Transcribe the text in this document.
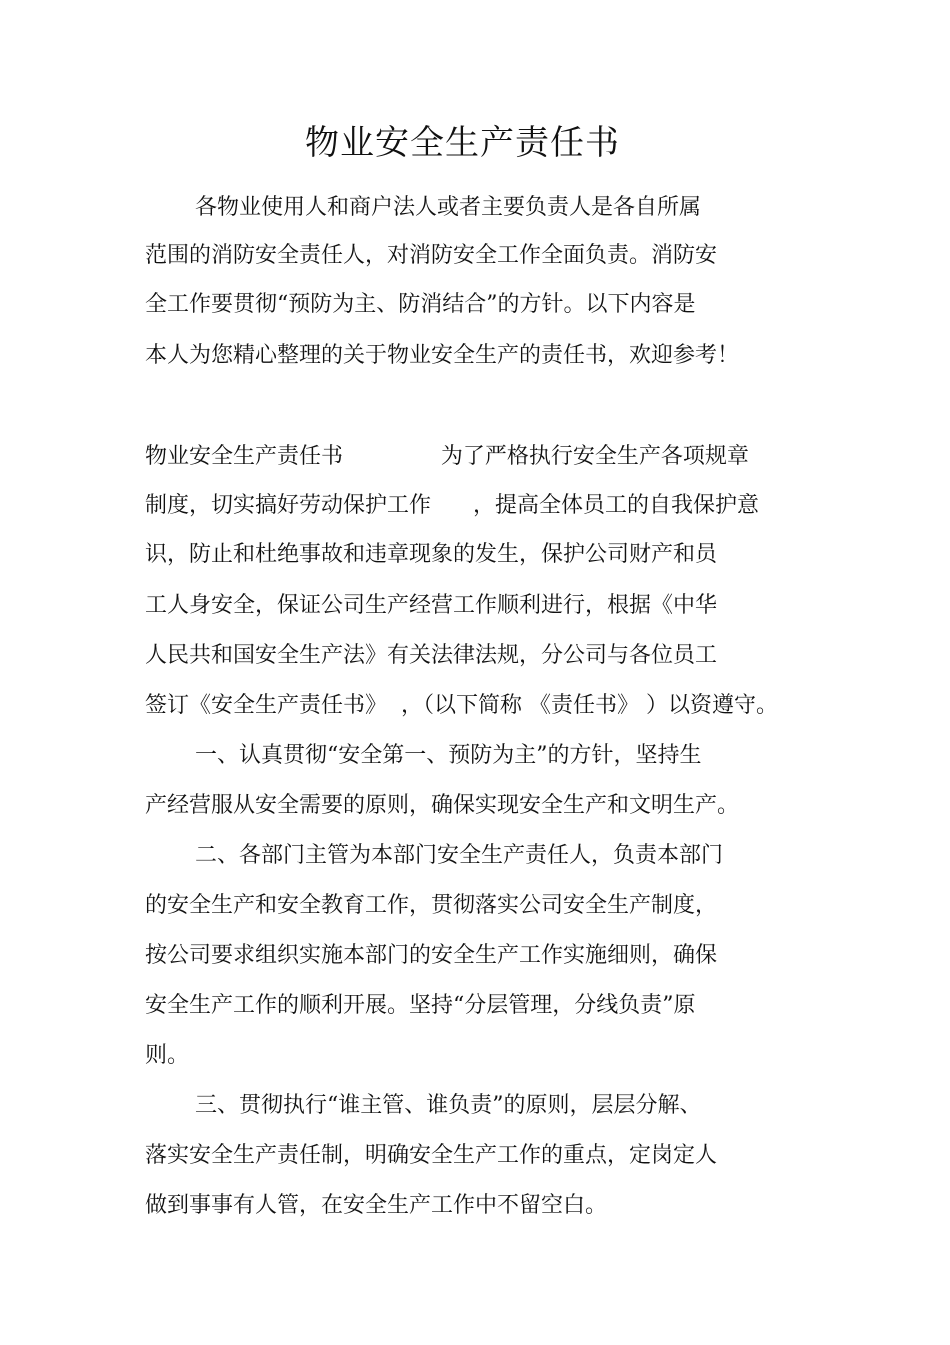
物业安全生产责任书
各物业使用人和商户法人或者主要负责人是各自所属
范围的消防安全责任人，对消防安全工作全面负责。消防安
全工作要贯彻“预防为主、防消结合”的方针。以下内容是
本人为您精心整理的关于物业安全生产的责任书，欢迎参考！
物业安全生产责任书              为了严格执行安全生产各项规章
制度，切实搞好劳动保护工作      ，提高全体员工的自我保护意
识，防止和杜绝事故和违章现象的发生，保护公司财产和员
工人身安全，保证公司生产经营工作顺利进行，根据《中华
人民共和国安全生产法》有关法律法规，分公司与各位员工
签订《安全生产责任书》  ，（以下简称 《责任书》 ）以资遵守。
一、认真贯彻“安全第一、预防为主”的方针，坚持生
产经营服从安全需要的原则，确保实现安全生产和文明生产。
二、各部门主管为本部门安全生产责任人，负责本部门
的安全生产和安全教育工作，贯彻落实公司安全生产制度，
按公司要求组织实施本部门的安全生产工作实施细则，确保
安全生产工作的顺利开展。坚持“分层管理，分线负责”原
则。
三、贯彻执行“谁主管、谁负责”的原则，层层分解、
落实安全生产责任制，明确安全生产工作的重点，定岗定人
做到事事有人管，在安全生产工作中不留空白。
